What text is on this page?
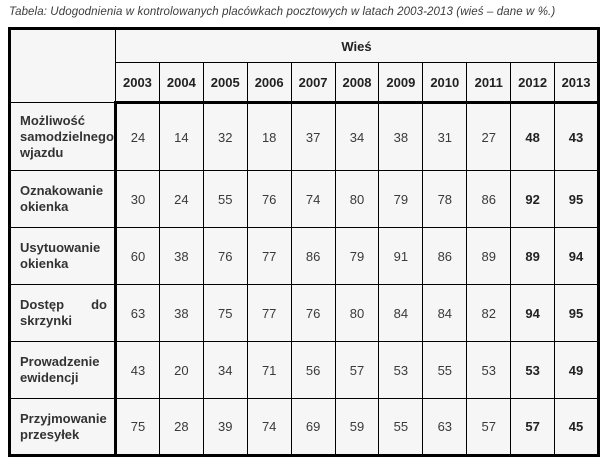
Tabela: Udogodnienia w kontrolowanych placówkach pocztowych w latach 2003-2013 (wieś – dane w %.)
	Wieś										
	2003	2004	2005	2006	2007	2008	2009	2010	2011	2012	2013
Możliwość samodzielnego wjazdu	24	14	32	18	37	34	38	31	27	48	43
Oznakowanie okienka	30	24	55	76	74	80	79	78	86	92	95
Usytuowanie okienka	60	38	76	77	86	79	91	86	89	89	94
Dostęp do skrzynki	63	38	75	77	76	80	84	84	82	94	95
Prowadzenie ewidencji	43	20	34	71	56	57	53	55	53	53	49
Przyjmowanie przesyłek	75	28	39	74	69	59	55	63	57	57	45
